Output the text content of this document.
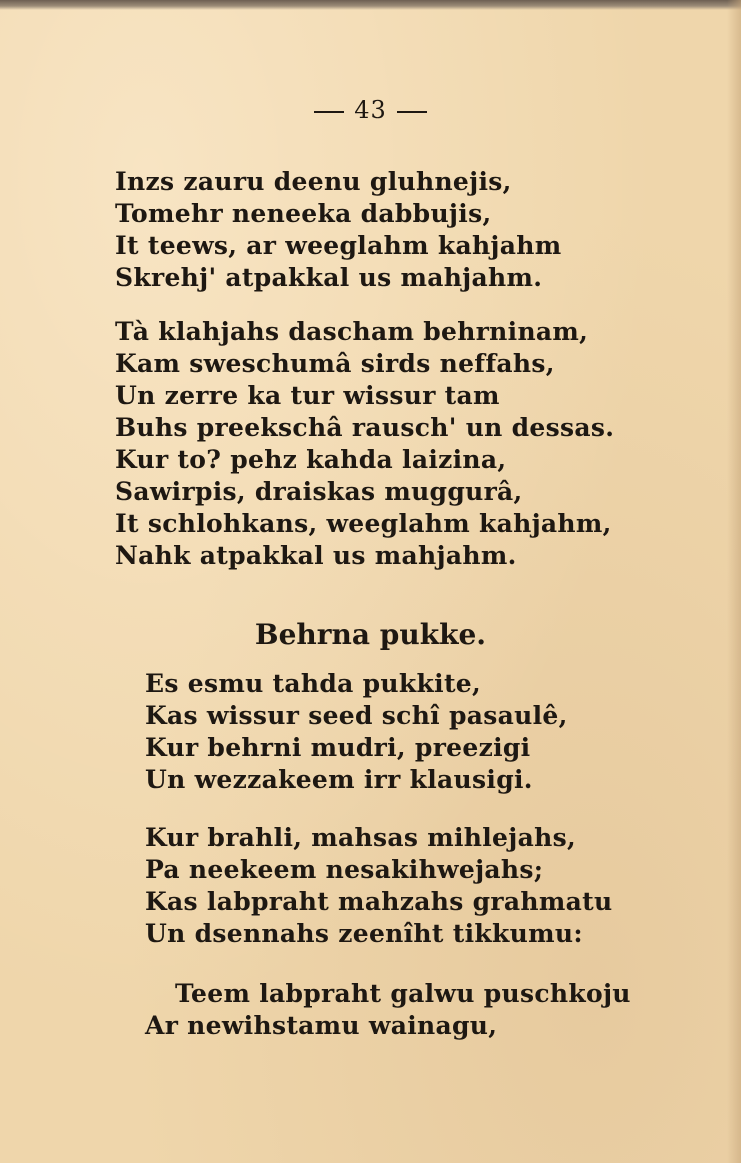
43
Inzs zauru deenu gluhnejis,
Tomehr neneeka dabbujis,
It teews, ar weeglahm kahjahm
Skrehj' atpakkal us mahjahm.
Tà klahjahs dascham behrninam,
Kam sweschumâ sirds neffahs,
Un zerre ka tur wissur tam
Buhs preekschâ rausch' un dessas.
Kur to? pehz kahda laizina,
Sawirpis, draiskas muggurâ,
It schlohkans, weeglahm kahjahm,
Nahk atpakkal us mahjahm.
Behrna pukke.
Es esmu tahda pukkite,
Kas wissur seed schî pasaulê,
Kur behrni mudri, preezigi
Un wezzakeem irr klausigi.
Kur brahli, mahsas mihlejahs,
Pa neekeem nesakihwejahs;
Kas labpraht mahzahs grahmatu
Un dsennahs zeenîht tikkumu:
Teem labpraht galwu puschkoju
Ar newihstamu wainagu,
